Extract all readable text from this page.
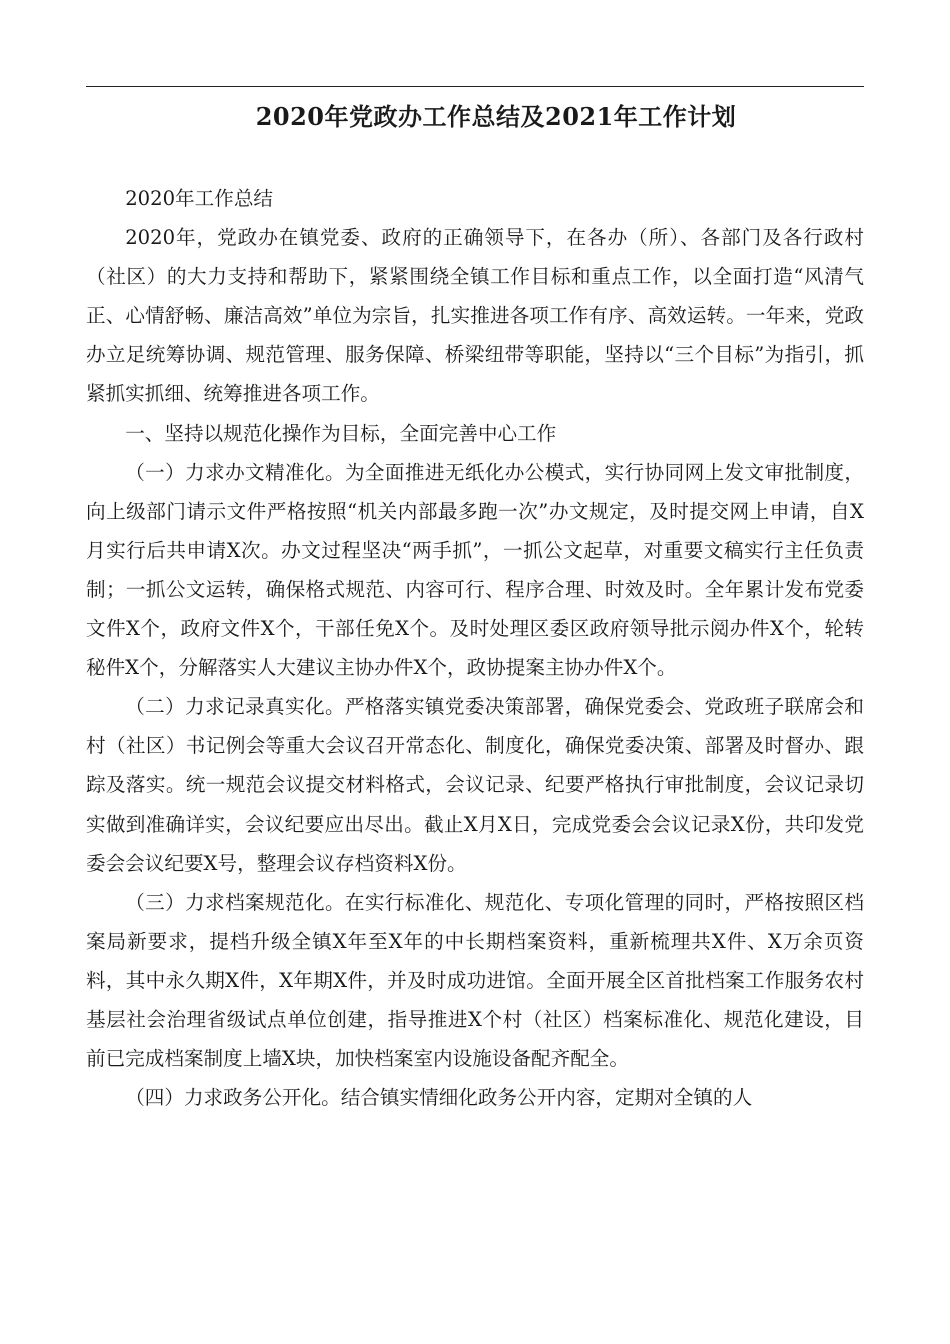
2020年党政办工作总结及2021年工作计划

2020年工作总结

2020年，党政办在镇党委、政府的正确领导下，在各办（所）、各部门及各行政村（社区）的大力支持和帮助下，紧紧围绕全镇工作目标和重点工作，以全面打造“风清气正、心情舒畅、廉洁高效”单位为宗旨，扎实推进各项工作有序、高效运转。一年来，党政办立足统筹协调、规范管理、服务保障、桥梁纽带等职能，坚持以“三个目标”为指引，抓紧抓实抓细、统筹推进各项工作。

一、坚持以规范化操作为目标，全面完善中心工作

（一）力求办文精准化。为全面推进无纸化办公模式，实行协同网上发文审批制度，向上级部门请示文件严格按照“机关内部最多跑一次”办文规定，及时提交网上申请，自X月实行后共申请X次。办文过程坚决“两手抓”，一抓公文起草，对重要文稿实行主任负责制；一抓公文运转，确保格式规范、内容可行、程序合理、时效及时。全年累计发布党委文件X个，政府文件X个，干部任免X个。及时处理区委区政府领导批示阅办件X个，轮转秘件X个，分解落实人大建议主协办件X个，政协提案主协办件X个。

（二）力求记录真实化。严格落实镇党委决策部署，确保党委会、党政班子联席会和村（社区）书记例会等重大会议召开常态化、制度化，确保党委决策、部署及时督办、跟踪及落实。统一规范会议提交材料格式，会议记录、纪要严格执行审批制度，会议记录切实做到准确详实，会议纪要应出尽出。截止X月X日，完成党委会会议记录X份，共印发党委会会议纪要X号，整理会议存档资料X份。

（三）力求档案规范化。在实行标准化、规范化、专项化管理的同时，严格按照区档案局新要求，提档升级全镇X年至X年的中长期档案资料，重新梳理共X件、X万余页资料，其中永久期X件，X年期X件，并及时成功进馆。全面开展全区首批档案工作服务农村基层社会治理省级试点单位创建，指导推进X个村（社区）档案标准化、规范化建设，目前已完成档案制度上墙X块，加快档案室内设施设备配齐配全。

（四）力求政务公开化。结合镇实情细化政务公开内容，定期对全镇的人
